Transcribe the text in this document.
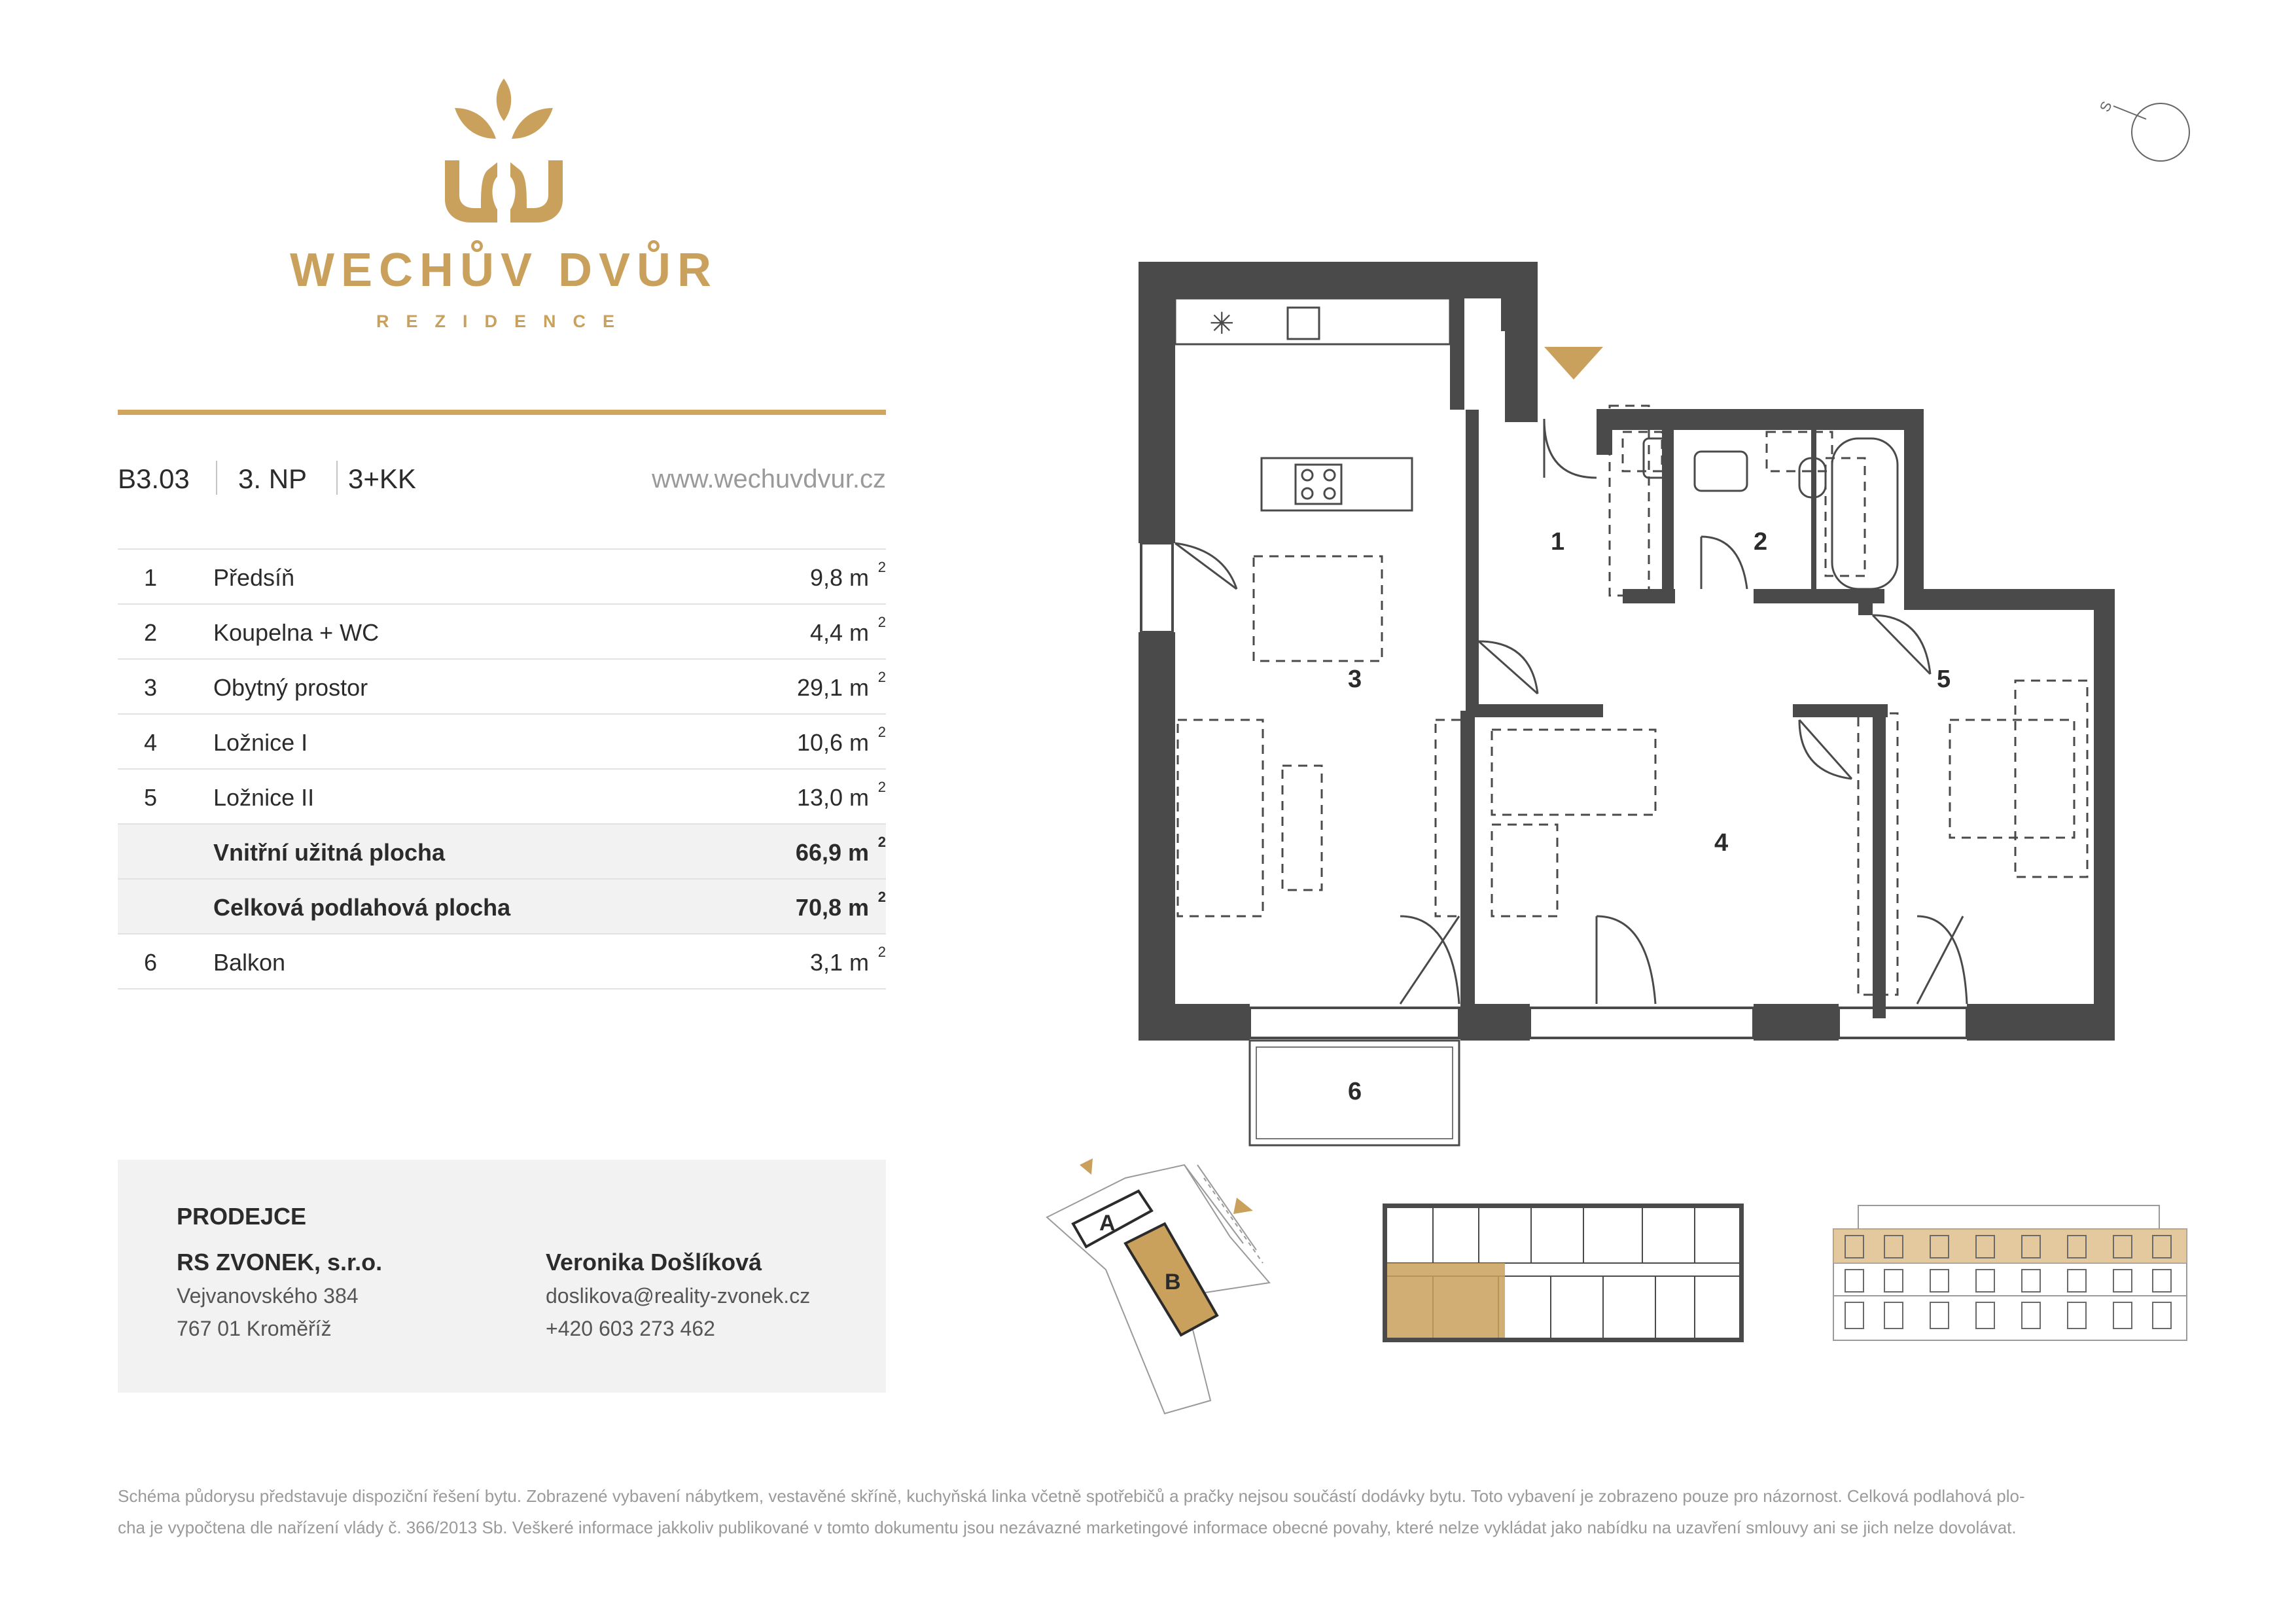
WECHŮV DVŮR
REZIDENCE
B3.03 3. NP 3+KK	www.wechuvdvur.cz
1 Předsíň	9,8 m 2
2 Koupelna + WC	4,4 m 2
3 Obytný prostor	29,1 m 2
4 Ložnice I	10,6 m 2
5 Ložnice II	13,0 m 2
Vnitřní užitná plocha	66,9 m 2
Celková podlahová plocha	70,8 m 2
6 Balkon	3,1 m 2
PRODEJCE
RS ZVONEK, s.r.o.
Vejvanovského 384
767 01 Kroměříž
Veronika Došlíková
doslikova@reality-zvonek.cz
+420 603 273 462
S
✳
1	2
3
4
5
6
A
B
Schéma půdorysu představuje dispoziční řešení bytu. Zobrazené vybavení nábytkem, vestavěné skříně, kuchyňská linka včetně spotřebičů a pračky nejsou součástí dodávky bytu. Toto vybavení je zobrazeno pouze pro názornost. Celková podlahová plo-
cha je vypočtena dle nařízení vlády č. 366/2013 Sb. Veškeré informace jakkoliv publikované v tomto dokumentu jsou nezávazné marketingové informace obecné povahy, které nelze vykládat jako nabídku na uzavření smlouvy ani se jich nelze dovolávat.
